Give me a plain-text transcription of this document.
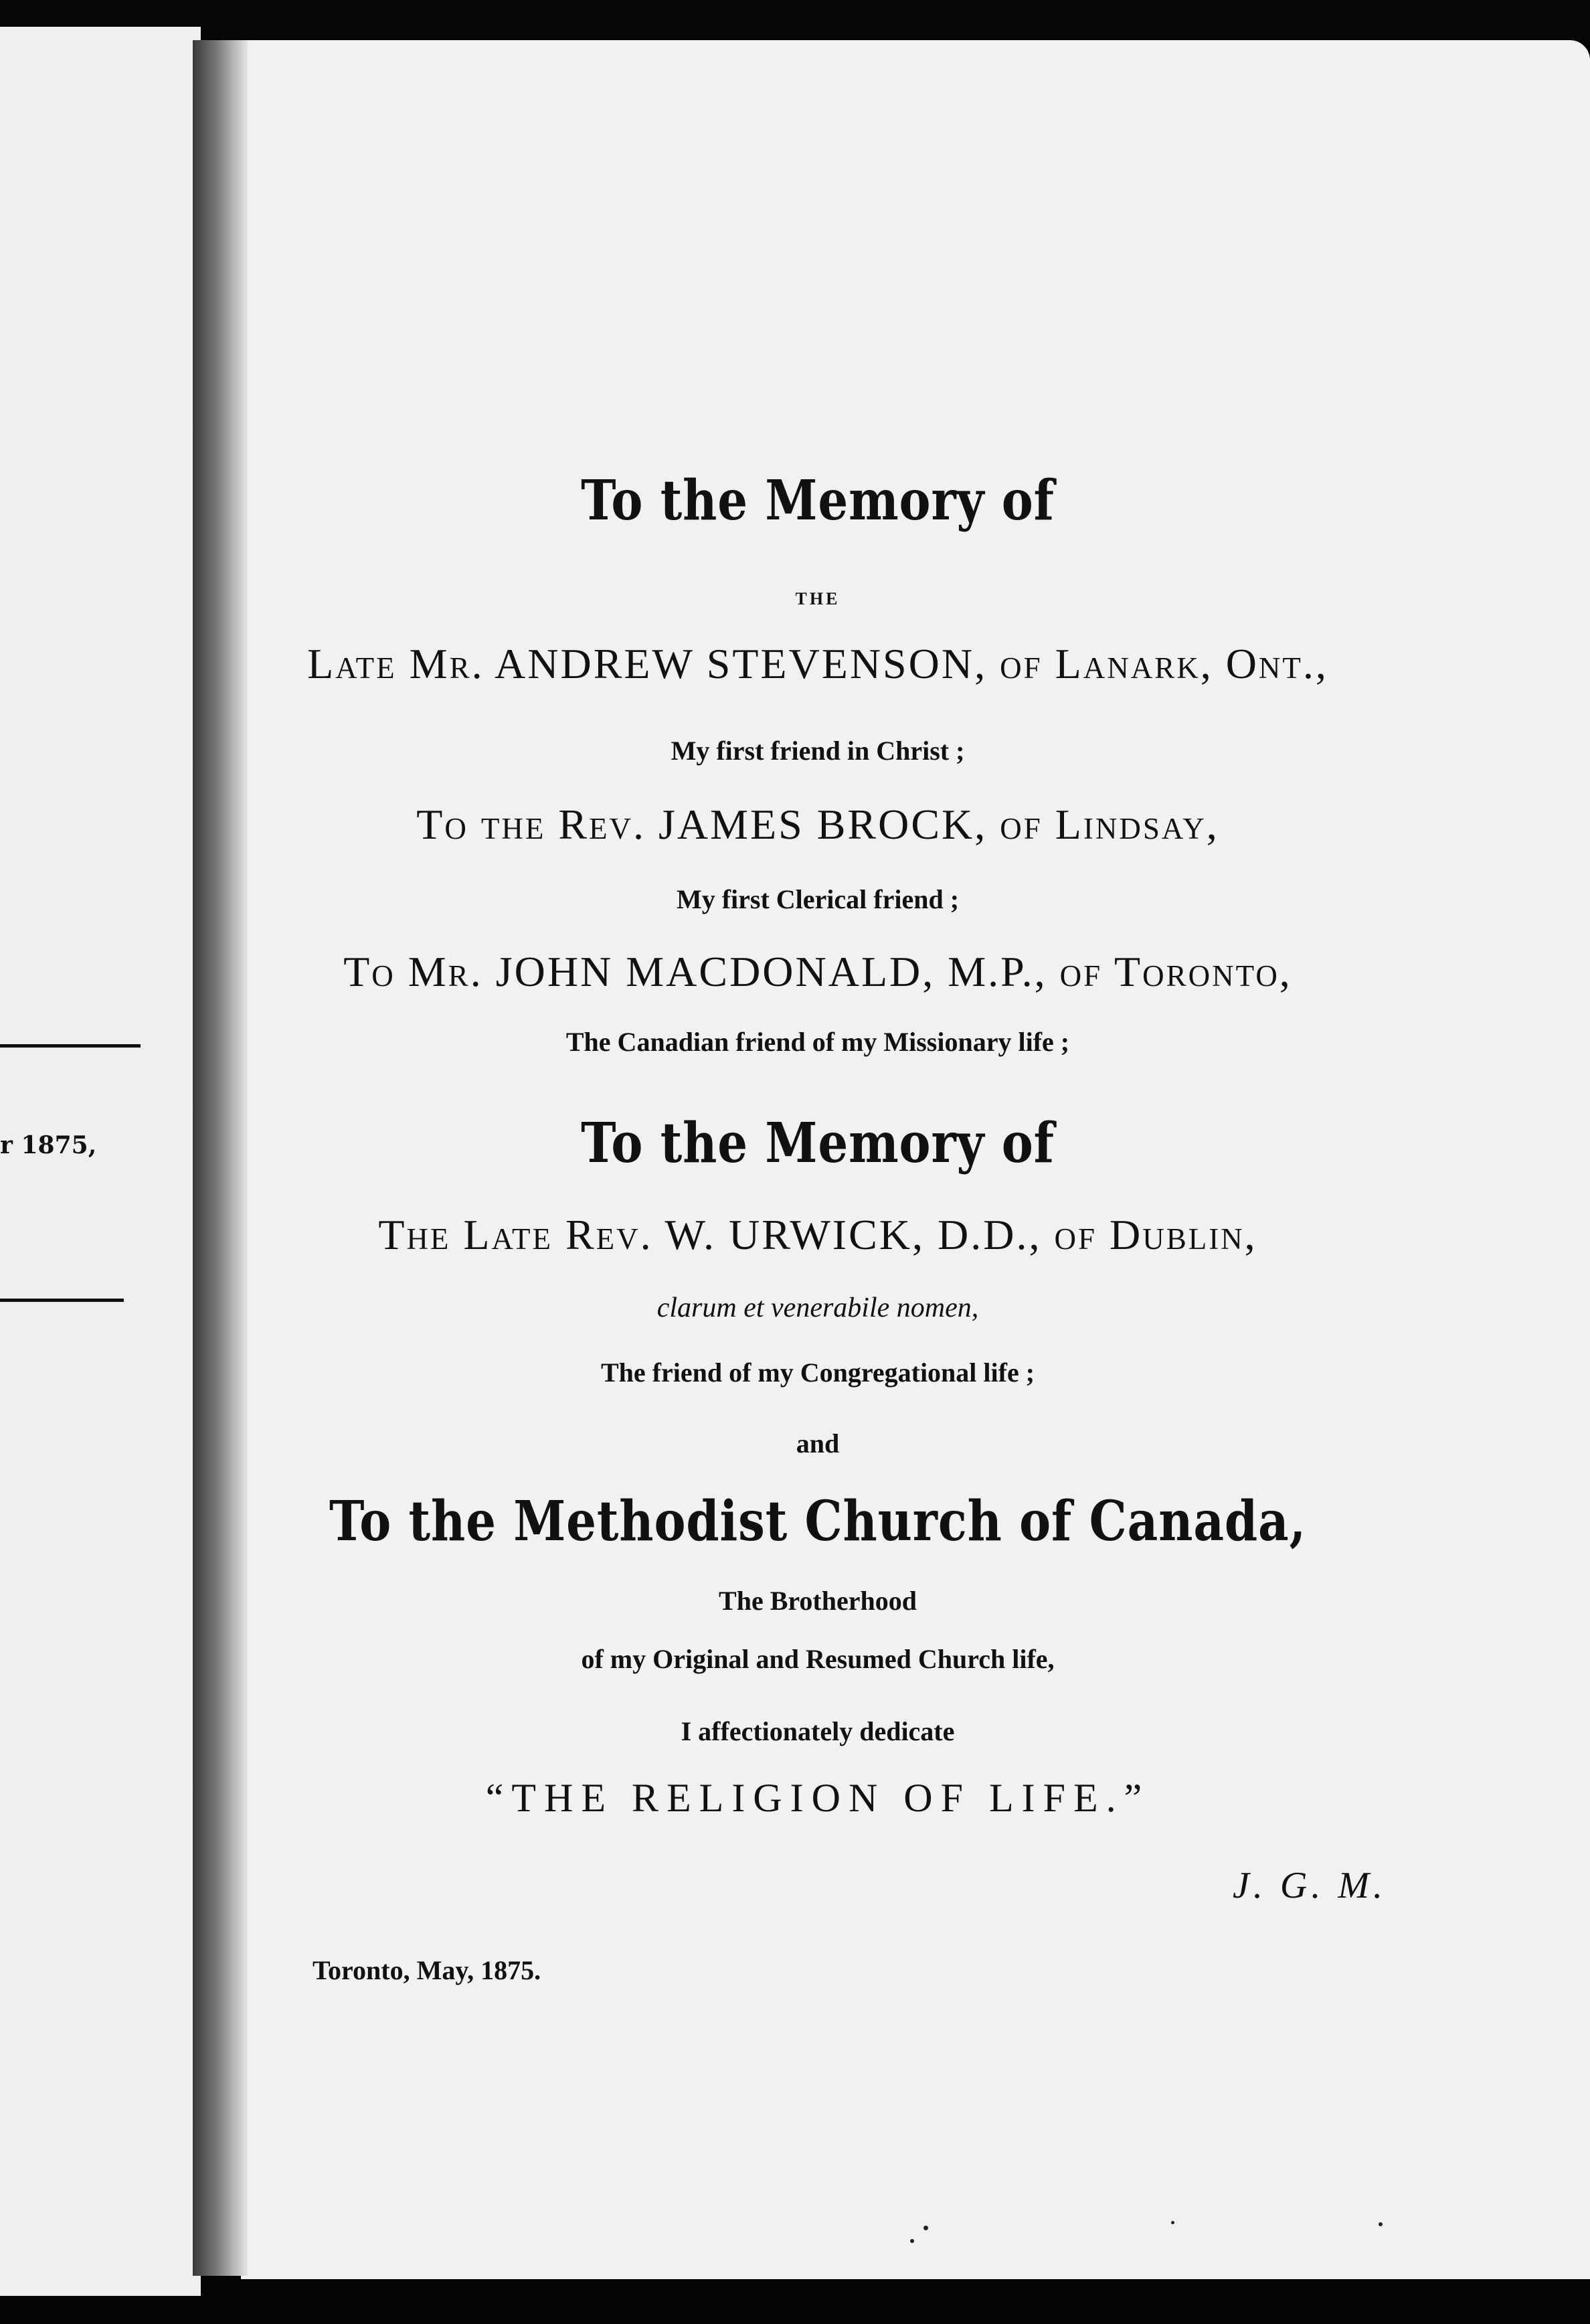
r 1875,
To the Memory of
THE
Late Mr. ANDREW STEVENSON, of Lanark, Ont.,
My first friend in Christ ;
To the Rev. JAMES BROCK, of Lindsay,
My first Clerical friend ;
To Mr. JOHN MACDONALD, M.P., of Toronto,
The Canadian friend of my Missionary life ;
To the Memory of
The Late Rev. W. URWICK, D.D., of Dublin,
clarum et venerabile nomen,
The friend of my Congregational life ;
and
To the Methodist Church of Canada,
The Brotherhood
of my Original and Resumed Church life,
I affectionately dedicate
“THE RELIGION OF LIFE.”
J. G. M.
Toronto, May, 1875.
